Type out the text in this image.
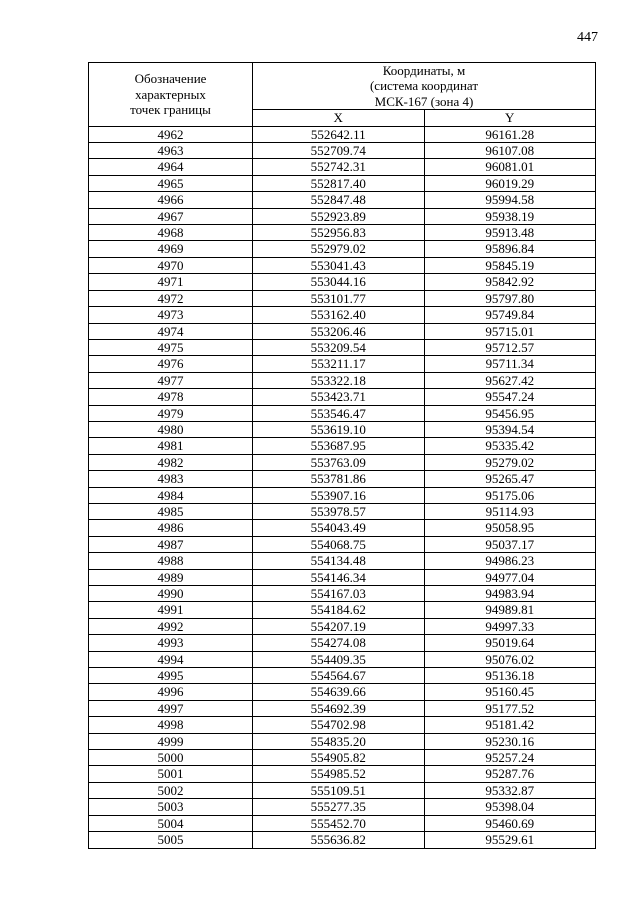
447
Обозначение
характерных
точек границы	Координаты, м
(система координат
МСК-167 (зона 4)	

	X	Y
4962	552642.11	96161.28
4963	552709.74	96107.08
4964	552742.31	96081.01
4965	552817.40	96019.29
4966	552847.48	95994.58
4967	552923.89	95938.19
4968	552956.83	95913.48
4969	552979.02	95896.84
4970	553041.43	95845.19
4971	553044.16	95842.92
4972	553101.77	95797.80
4973	553162.40	95749.84
4974	553206.46	95715.01
4975	553209.54	95712.57
4976	553211.17	95711.34
4977	553322.18	95627.42
4978	553423.71	95547.24
4979	553546.47	95456.95
4980	553619.10	95394.54
4981	553687.95	95335.42
4982	553763.09	95279.02
4983	553781.86	95265.47
4984	553907.16	95175.06
4985	553978.57	95114.93
4986	554043.49	95058.95
4987	554068.75	95037.17
4988	554134.48	94986.23
4989	554146.34	94977.04
4990	554167.03	94983.94
4991	554184.62	94989.81
4992	554207.19	94997.33
4993	554274.08	95019.64
4994	554409.35	95076.02
4995	554564.67	95136.18
4996	554639.66	95160.45
4997	554692.39	95177.52
4998	554702.98	95181.42
4999	554835.20	95230.16
5000	554905.82	95257.24
5001	554985.52	95287.76
5002	555109.51	95332.87
5003	555277.35	95398.04
5004	555452.70	95460.69
5005	555636.82	95529.61
